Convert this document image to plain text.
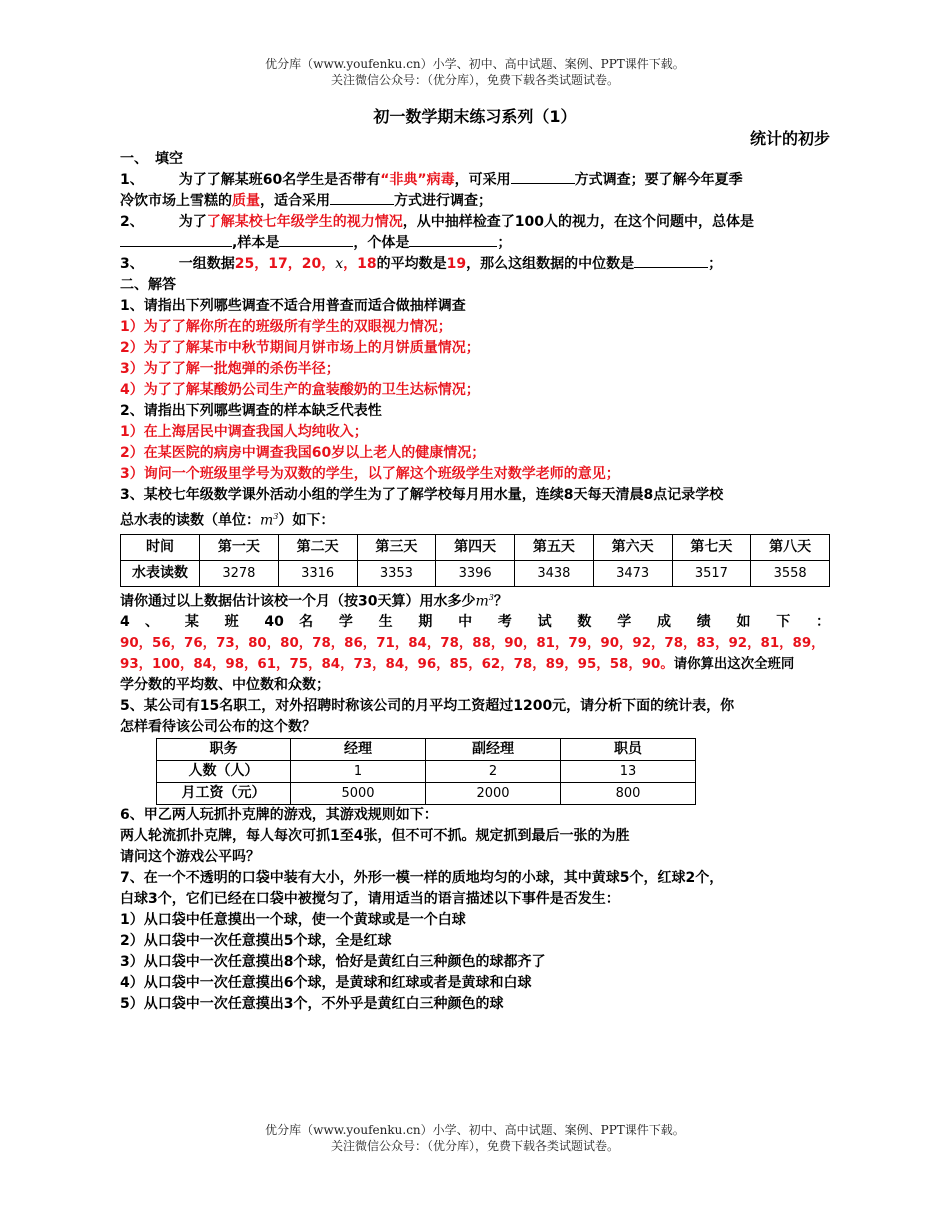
优分库（www.youfenku.cn）小学、初中、高中试题、案例、PPT课件下载。
关注微信公众号：（优分库），免费下载各类试题试卷。
初一数学期末练习系列（1）
统计的初步
一、　填空
1、	为了了解某班60名学生是否带有“非典”病毒，可采用	方式调查；要了解今年夏季
冷饮市场上雪糕的质量，适合采用	方式进行调查；
2、	为了了解某校七年级学生的视力情况，从中抽样检查了100人的视力，在这个问题中，总体是
,样本是	，个体是	；
3、	一组数据25，17，20，x，18的平均数是19，那么这组数据的中位数是	；
二、解答
1、请指出下列哪些调查不适合用普查而适合做抽样调查
1）为了了解你所在的班级所有学生的双眼视力情况；
2）为了了解某市中秋节期间月饼市场上的月饼质量情况；
3）为了了解一批炮弹的杀伤半径；
4）为了了解某酸奶公司生产的盒装酸奶的卫生达标情况；
2、请指出下列哪些调查的样本缺乏代表性
1）在上海居民中调查我国人均纯收入；
2）在某医院的病房中调查我国60岁以上老人的健康情况；
3）询问一个班级里学号为双数的学生，以了解这个班级学生对数学老师的意见；
3、某校七年级数学课外活动小组的学生为了了解学校每月用水量，连续8天每天清晨8点记录学校
总水表的读数（单位：$m^3$）如下：
时间	第一天	第二天	第三天	第四天	第五天	第六天	第七天	第八天
水表读数	3278	3316	3353	3396	3438	3473	3517	3558
请你通过以上数据估计该校一个月（按30天算）用水多少$m^3$？
4 、 某 班 40 名 学 生 期 中 考 试 数 学 成 绩 如 下 ：
90，56，76，73，80，80，78，86，71，84，78，88，90，81，79，90，92，78，83，92，81，89，
93，100，84，98，61，75，84，73，84，96，85，62，78，89，95，58，90。请你算出这次全班同
学分数的平均数、中位数和众数；
5、某公司有15名职工，对外招聘时称该公司的月平均工资超过1200元，请分析下面的统计表，你
怎样看待该公司公布的这个数？
职务	经理	副经理	职员
人数（人）	1	2	13
月工资（元）	5000	2000	800
6、甲乙两人玩抓扑克牌的游戏，其游戏规则如下：
两人轮流抓扑克牌，每人每次可抓1至4张，但不可不抓。规定抓到最后一张的为胜
请问这个游戏公平吗？
7、在一个不透明的口袋中装有大小，外形一模一样的质地均匀的小球，其中黄球5个，红球2个，
白球3个，它们已经在口袋中被搅匀了，请用适当的语言描述以下事件是否发生：
1）从口袋中任意摸出一个球，使一个黄球或是一个白球
2）从口袋中一次任意摸出5个球，全是红球
3）从口袋中一次任意摸出8个球，恰好是黄红白三种颜色的球都齐了
4）从口袋中一次任意摸出6个球，是黄球和红球或者是黄球和白球
5）从口袋中一次任意摸出3个，不外乎是黄红白三种颜色的球
优分库（www.youfenku.cn）小学、初中、高中试题、案例、PPT课件下载。
关注微信公众号：（优分库），免费下载各类试题试卷。
